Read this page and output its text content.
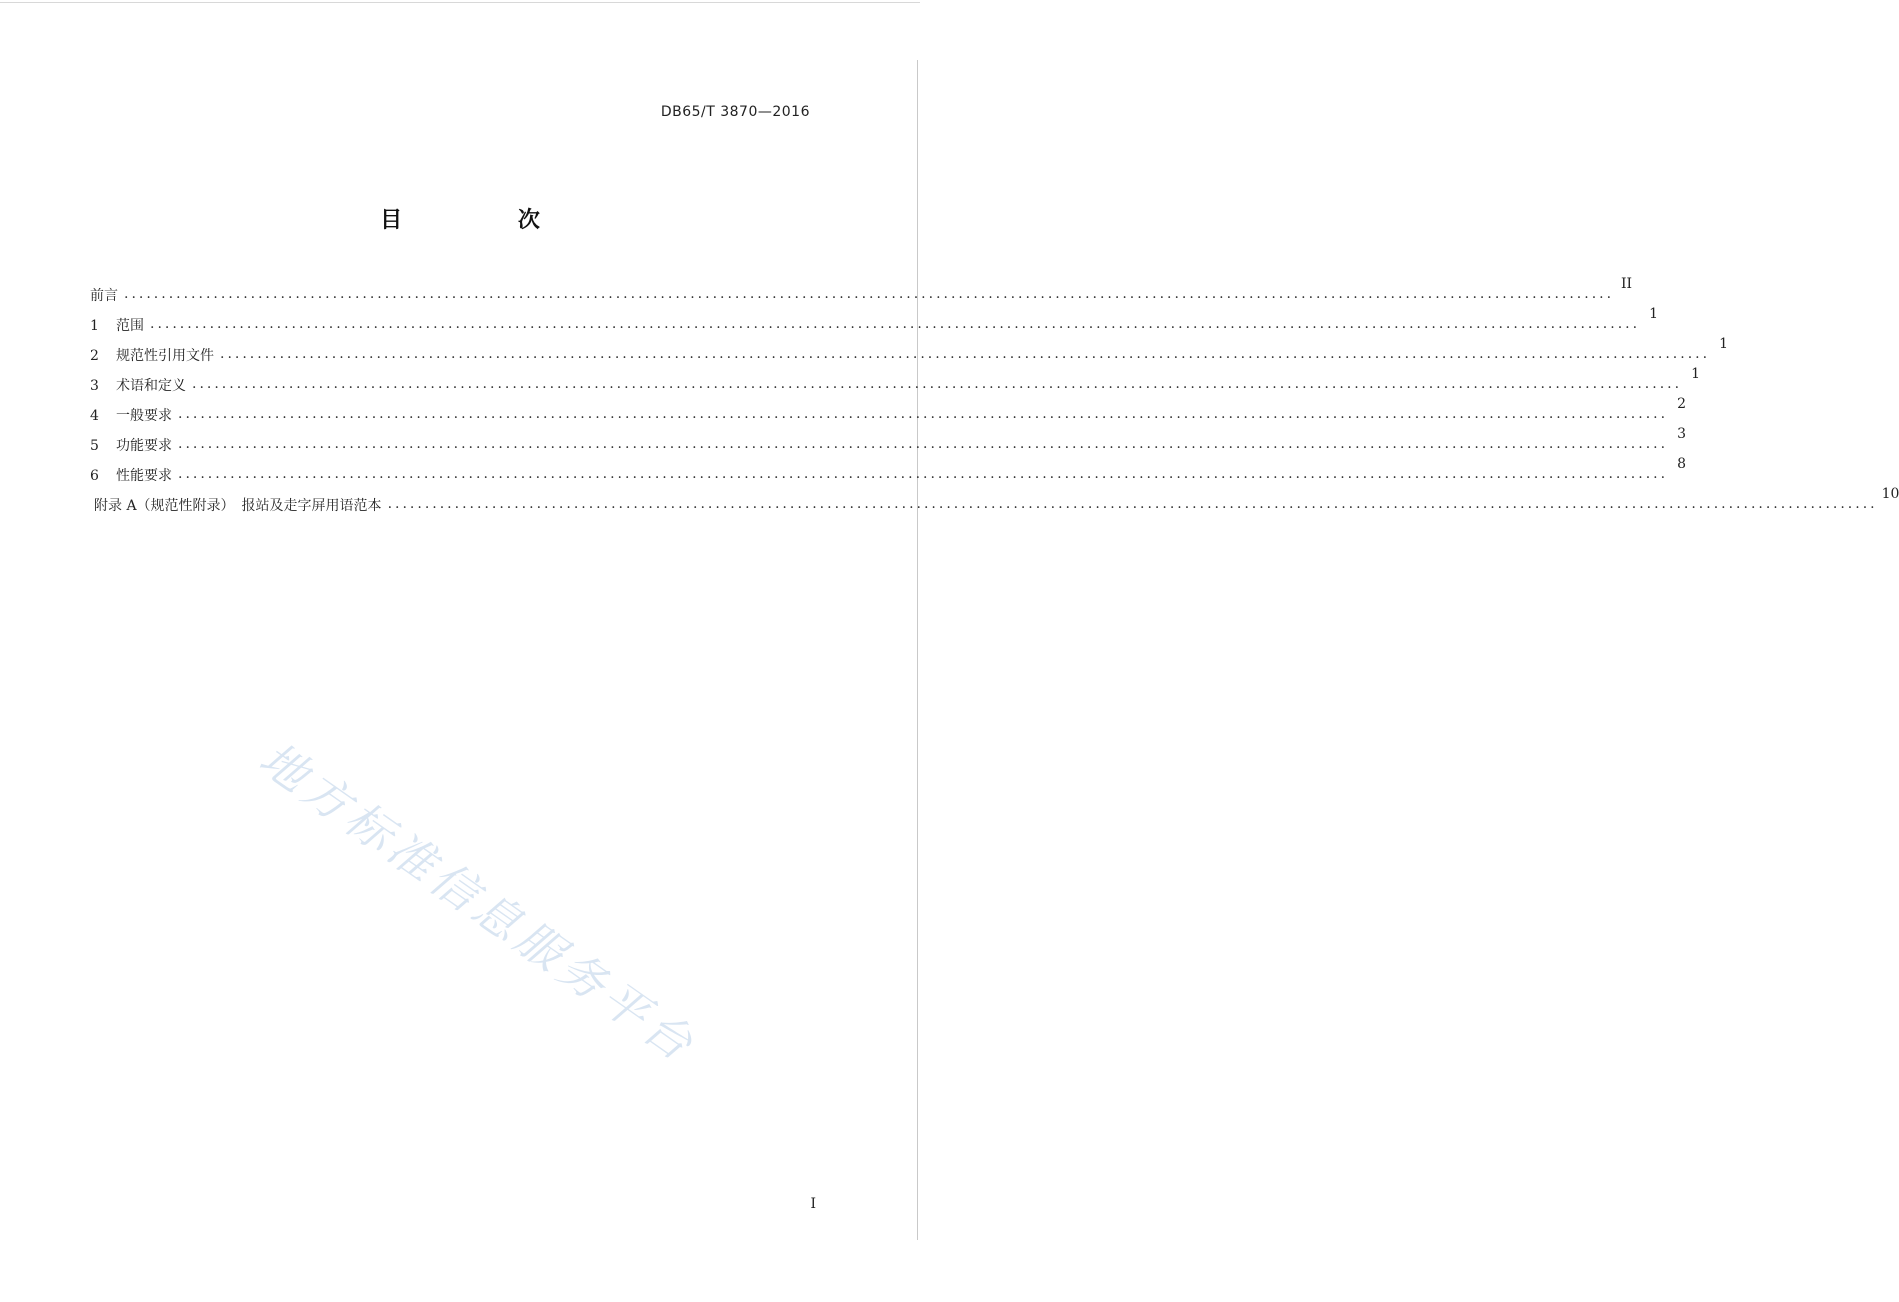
DB65/T 3870—2016
目 次
前言 ........................................................................................................................................................................................................
II
1 范围 ........................................................................................................................................................................................................
1
2 规范性引用文件 ........................................................................................................................................................................................................
1
3 术语和定义 ........................................................................................................................................................................................................
1
4 一般要求 ........................................................................................................................................................................................................
2
5 功能要求 ........................................................................................................................................................................................................
3
6 性能要求 ........................................................................................................................................................................................................
8
附录 A（规范性附录）　报站及走字屏用语范本 ........................................................................................................................................................................................................
10
地方标准信息服务平台
I
